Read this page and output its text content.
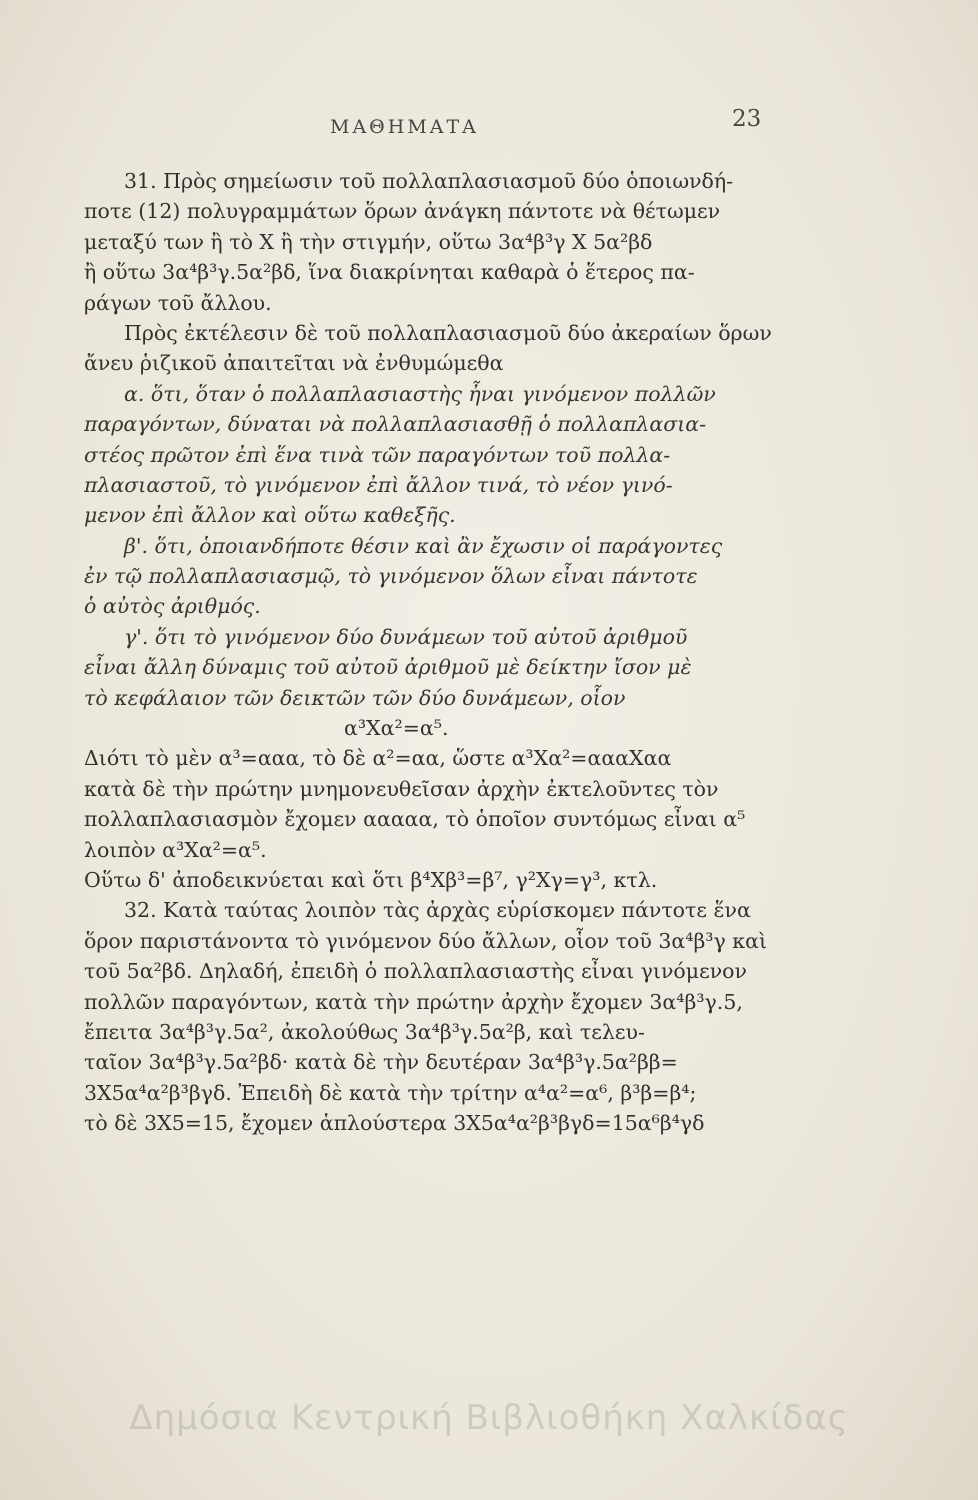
ΜΑΘΗΜΑΤΑ	23
31. Πρὸς σημείωσιν τοῦ πολλαπλασιασμοῦ δύο ὁποιωνδή-
ποτε (12) πολυγραμμάτων ὅρων ἀνάγκη πάντοτε νὰ θέτωμεν
μεταξύ των ἢ τὸ X ἢ τὴν στιγμήν, οὕτω 3α⁴β³γ X 5α²βδ
ἢ οὕτω 3α⁴β³γ.5α²βδ, ἵνα διακρίνηται καθαρὰ ὁ ἕτερος πα-
ράγων τοῦ ἄλλου.
Πρὸς ἐκτέλεσιν δὲ τοῦ πολλαπλασιασμοῦ δύο ἀκεραίων ὅρων
ἄνευ ῥιζικοῦ ἀπαιτεῖται νὰ ἐνθυμώμεθα
α. ὅτι, ὅταν ὁ πολλαπλασιαστὴς ἦναι γινόμενον πολλῶν
παραγόντων, δύναται νὰ πολλαπλασιασθῇ ὁ πολλαπλασια-
στέος πρῶτον ἐπὶ ἕνα τινὰ τῶν παραγόντων τοῦ πολλα-
πλασιαστοῦ, τὸ γινόμενον ἐπὶ ἄλλον τινά, τὸ νέον γινό-
μενον ἐπὶ ἄλλον καὶ οὕτω καθεξῆς.
β'. ὅτι, ὁποιανδήποτε θέσιν καὶ ἂν ἔχωσιν οἱ παράγοντες
ἐν τῷ πολλαπλασιασμῷ, τὸ γινόμενον ὅλων εἶναι πάντοτε
ὁ αὐτὸς ἀριθμός.
γ'. ὅτι τὸ γινόμενον δύο δυνάμεων τοῦ αὐτοῦ ἀριθμοῦ
εἶναι ἄλλη δύναμις τοῦ αὐτοῦ ἀριθμοῦ μὲ δείκτην ἴσον μὲ
τὸ κεφάλαιον τῶν δεικτῶν τῶν δύο δυνάμεων, οἷον
α³Xα²=α⁵.
Διότι τὸ μὲν α³=ααα, τὸ δὲ α²=αα, ὥστε α³Xα²=αααXαα
κατὰ δὲ τὴν πρώτην μνημονευθεῖσαν ἀρχὴν ἐκτελοῦντες τὸν
πολλαπλασιασμὸν ἔχομεν ααααα, τὸ ὁποῖον συντόμως εἶναι α⁵
λοιπὸν α³Xα²=α⁵.
Οὕτω δ' ἀποδεικνύεται καὶ ὅτι β⁴Xβ³=β⁷, γ²Xγ=γ³, κτλ.
32. Κατὰ ταύτας λοιπὸν τὰς ἀρχὰς εὑρίσκομεν πάντοτε ἕνα
ὅρον παριστάνοντα τὸ γινόμενον δύο ἄλλων, οἷον τοῦ 3α⁴β³γ καὶ
τοῦ 5α²βδ. Δηλαδή, ἐπειδὴ ὁ πολλαπλασιαστὴς εἶναι γινόμενον
πολλῶν παραγόντων, κατὰ τὴν πρώτην ἀρχὴν ἔχομεν 3α⁴β³γ.5,
ἔπειτα 3α⁴β³γ.5α², ἀκολούθως 3α⁴β³γ.5α²β, καὶ τελευ-
ταῖον 3α⁴β³γ.5α²βδ· κατὰ δὲ τὴν δευτέραν 3α⁴β³γ.5α²ββ=
3X5α⁴α²β³βγδ. Ἐπειδὴ δὲ κατὰ τὴν τρίτην α⁴α²=α⁶, β³β=β⁴;
τὸ δὲ 3X5=15, ἔχομεν ἁπλούστερα 3X5α⁴α²β³βγδ=15α⁶β⁴γδ
Δημόσια Κεντρική Βιβλιοθήκη Χαλκίδας
